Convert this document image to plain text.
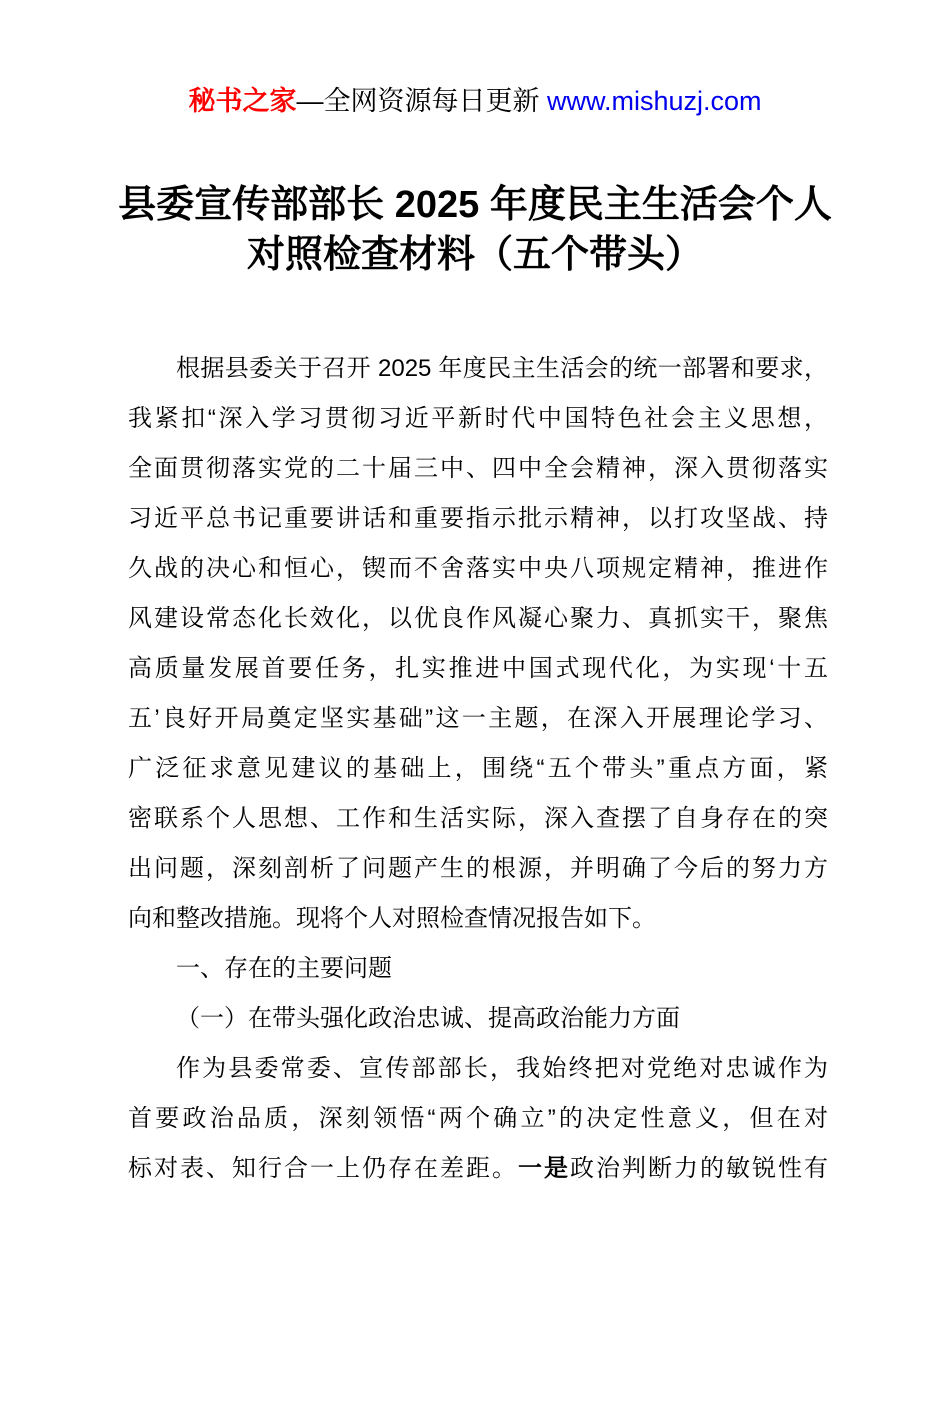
秘书之家—全网资源每日更新 www.mishuzj.com
县委宣传部部长 2025 年度民主生活会个人
对照检查材料（五个带头）
根据县委关于召开 2025 年度民主生活会的统一部署和要求，
我紧扣“深入学习贯彻习近平新时代中国特色社会主义思想，
全面贯彻落实党的二十届三中、四中全会精神，深入贯彻落实
习近平总书记重要讲话和重要指示批示精神，以打攻坚战、持
久战的决心和恒心，锲而不舍落实中央八项规定精神，推进作
风建设常态化长效化，以优良作风凝心聚力、真抓实干，聚焦
高质量发展首要任务，扎实推进中国式现代化，为实现‘十五
五’良好开局奠定坚实基础”这一主题，在深入开展理论学习、
广泛征求意见建议的基础上，围绕“五个带头”重点方面，紧
密联系个人思想、工作和生活实际，深入查摆了自身存在的突
出问题，深刻剖析了问题产生的根源，并明确了今后的努力方
向和整改措施。现将个人对照检查情况报告如下。
一、存在的主要问题
（一）在带头强化政治忠诚、提高政治能力方面
作为县委常委、宣传部部长，我始终把对党绝对忠诚作为
首要政治品质，深刻领悟“两个确立”的决定性意义，但在对
标对表、知行合一上仍存在差距。一是政治判断力的敏锐性有
